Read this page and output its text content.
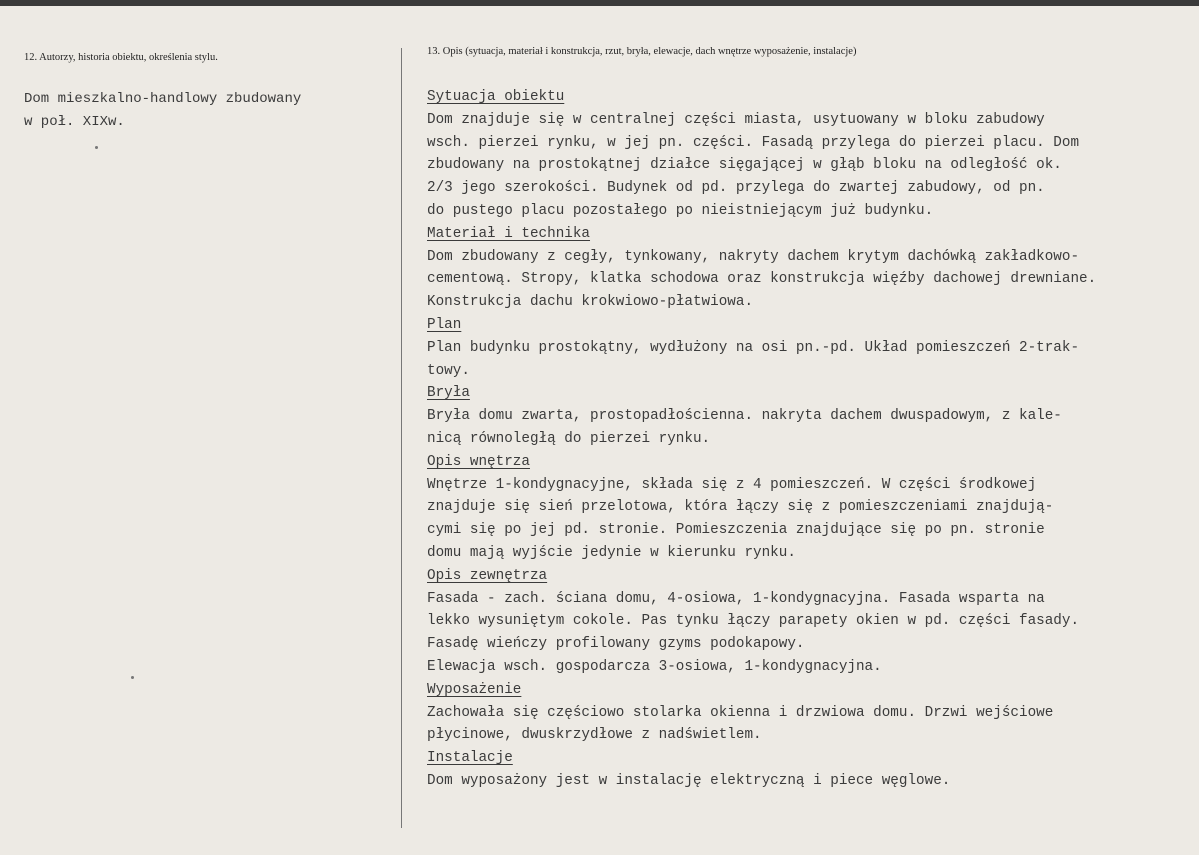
12. Autorzy, historia obiektu, określenia stylu.
13. Opis (sytuacja, materiał i konstrukcja, rzut, bryła, elewacje, dach wnętrze wyposażenie, instalacje)
Dom mieszkalno-handlowy zbudowany
w poł. XIXw.
Sytuacja obiektu
Dom znajduje się w centralnej części miasta, usytuowany w bloku zabudowy
wsch. pierzei rynku, w jej pn. części. Fasadą przylega do pierzei placu. Dom
zbudowany na prostokątnej działce sięgającej w głąb bloku na odległość ok.
2/3 jego szerokości. Budynek od pd. przylega do zwartej zabudowy, od pn.
do pustego placu pozostałego po nieistniejącym już budynku.
Materiał i technika
Dom zbudowany z cegły, tynkowany, nakryty dachem krytym dachówką zakładkowo-
cementową. Stropy, klatka schodowa oraz konstrukcja więźby dachowej drewniane.
Konstrukcja dachu krokwiowo-płatwiowa.
Plan
Plan budynku prostokątny, wydłużony na osi pn.-pd. Układ pomieszczeń 2-trak-
towy.
Bryła
Bryła domu zwarta, prostopadłościenna. nakryta dachem dwuspadowym, z kale-
nicą równoległą do pierzei rynku.
Opis wnętrza
Wnętrze 1-kondygnacyjne, składa się z 4 pomieszczeń. W części środkowej
znajduje się sień przelotowa, która łączy się z pomieszczeniami znajdują-
cymi się po jej pd. stronie. Pomieszczenia znajdujące się po pn. stronie
domu mają wyjście jedynie w kierunku rynku.
Opis zewnętrza
Fasada - zach. ściana domu, 4-osiowa, 1-kondygnacyjna. Fasada wsparta na
lekko wysuniętym cokole. Pas tynku łączy parapety okien w pd. części fasady.
Fasadę wieńczy profilowany gzyms podokapowy.
Elewacja wsch. gospodarcza 3-osiowa, 1-kondygnacyjna.
Wyposażenie
Zachowała się częściowo stolarka okienna i drzwiowa domu. Drzwi wejściowe
płycinowe, dwuskrzydłowe z nadświetlem.
Instalacje
Dom wyposażony jest w instalację elektryczną i piece węglowe.
